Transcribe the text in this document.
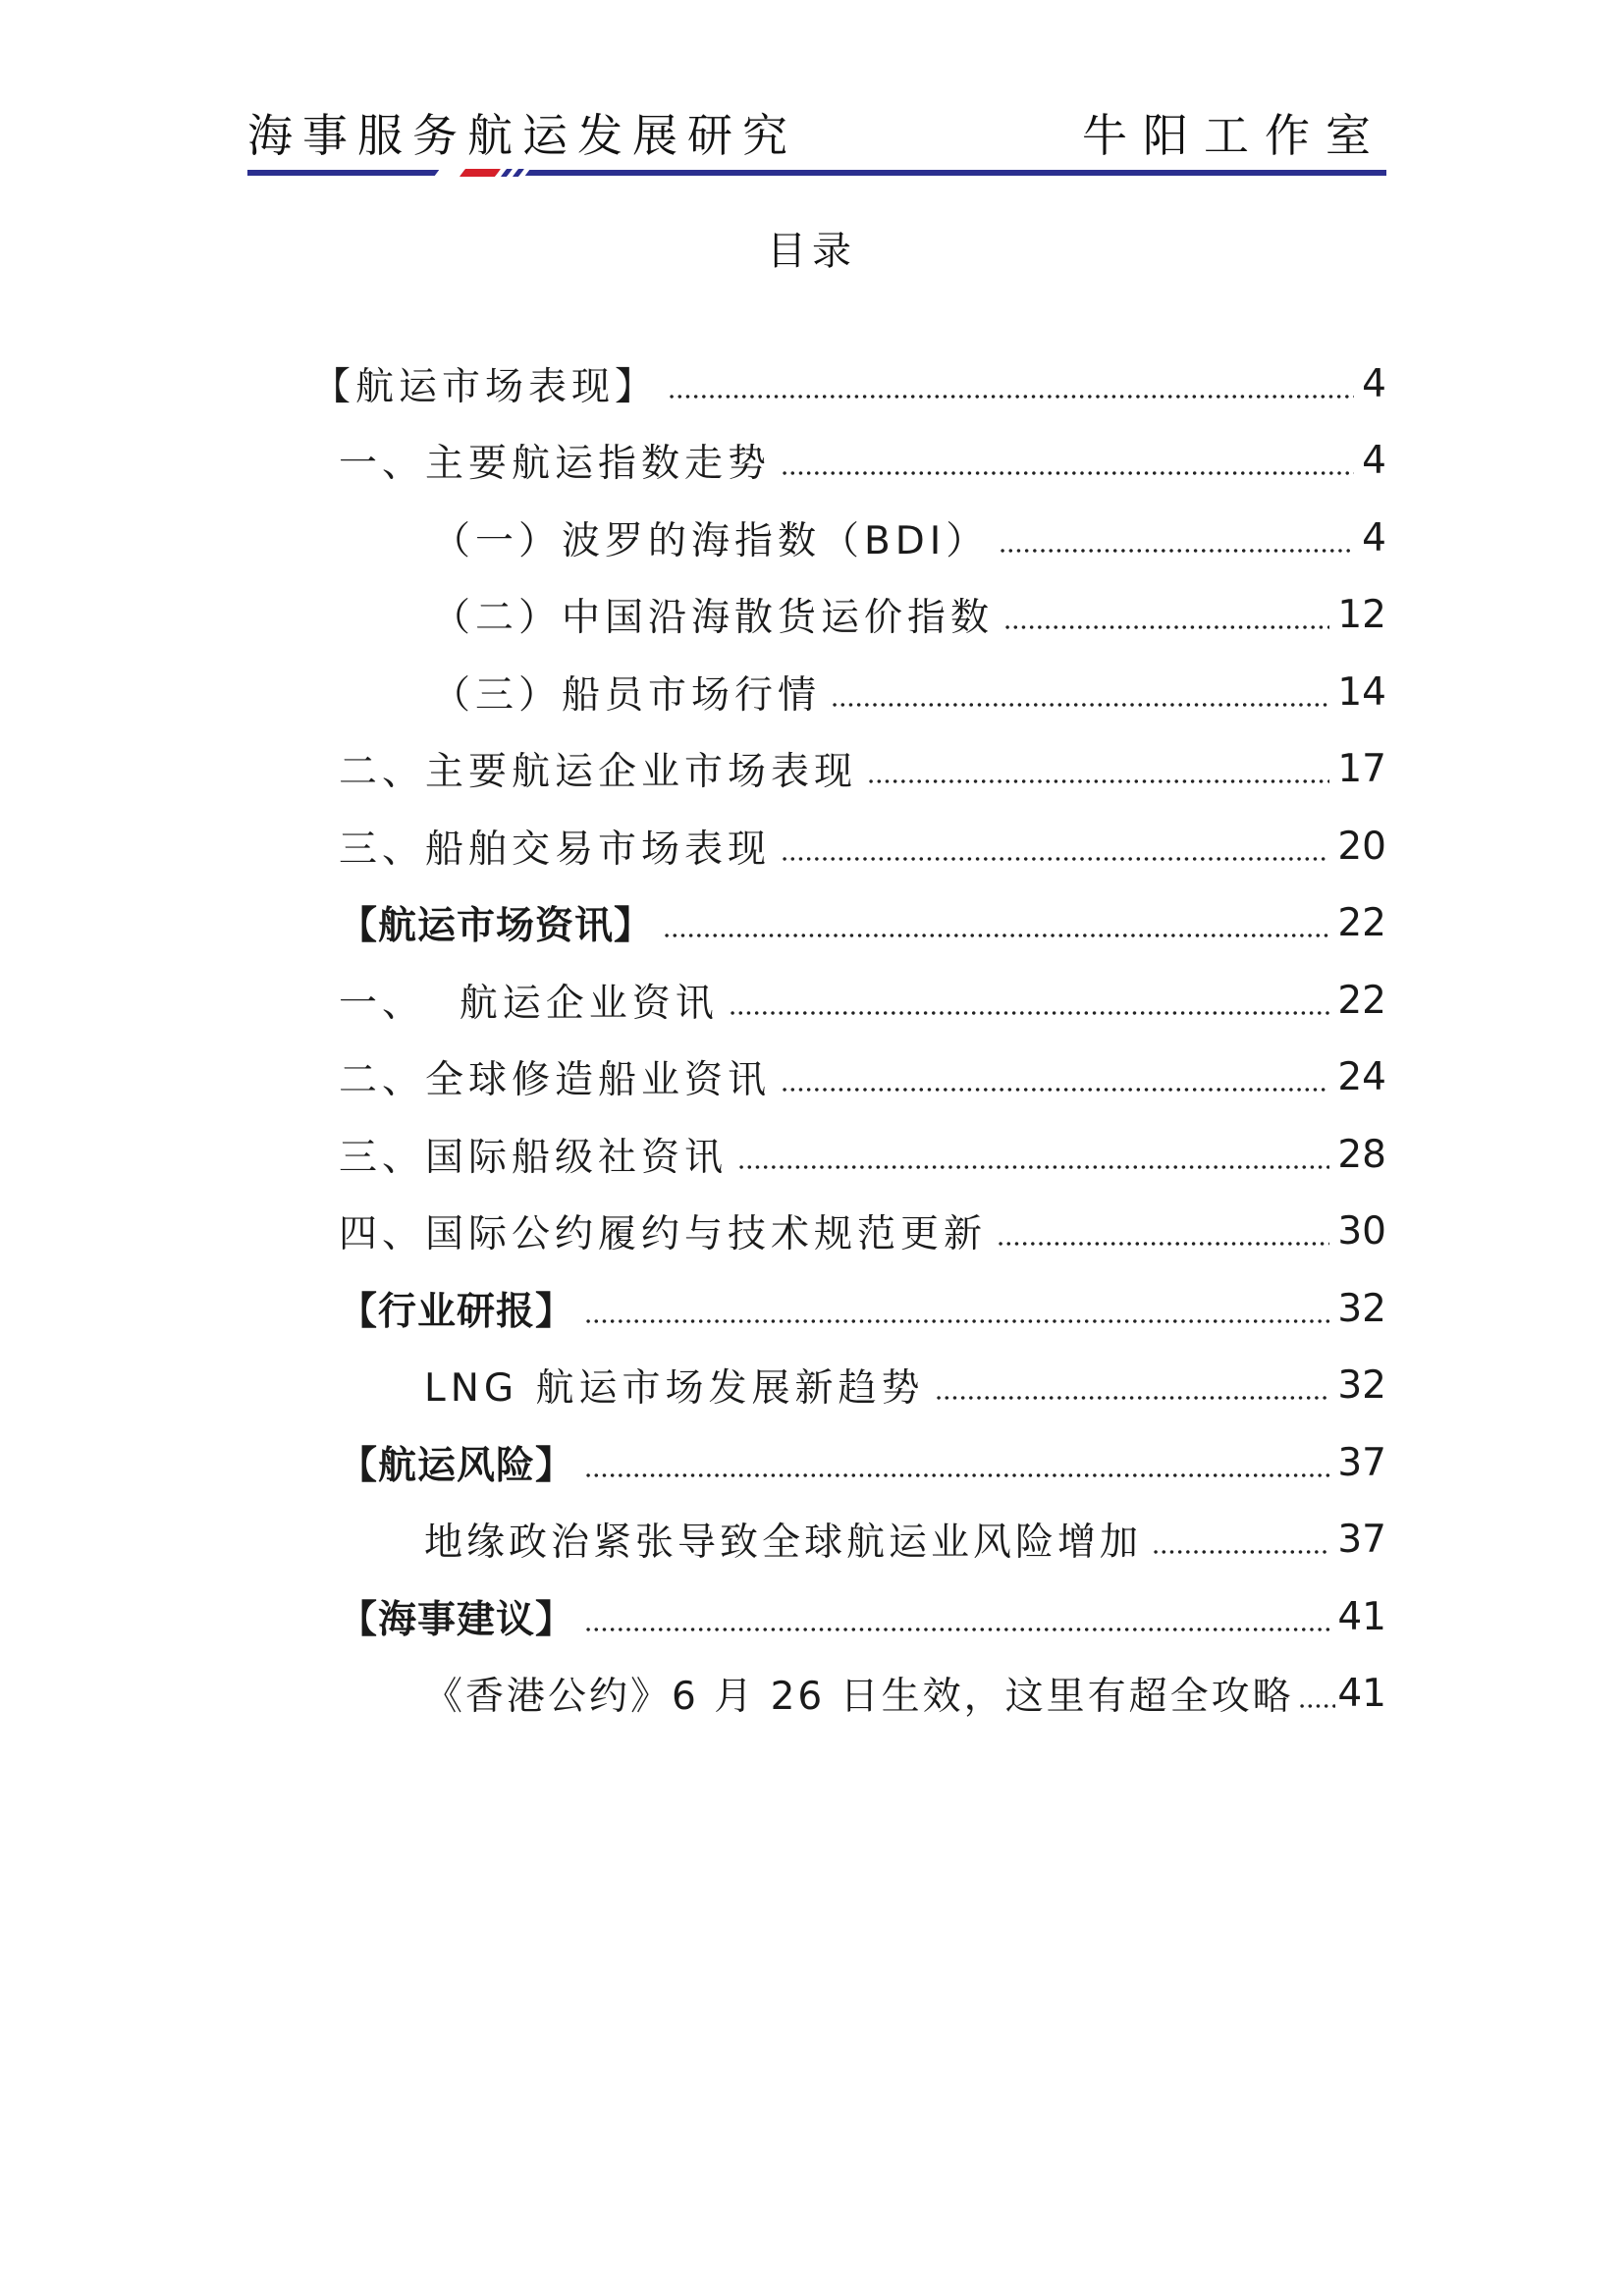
海事服务航运发展研究	牛阳工作室
目录
【航运市场表现】	4
一、主要航运指数走势	4
（一）波罗的海指数（BDI）	4
（二）中国沿海散货运价指数	12
（三）船员市场行情	14
二、主要航运企业市场表现	17
三、船舶交易市场表现	20
【航运市场资讯】	22
一、  航运企业资讯	22
二、全球修造船业资讯	24
三、国际船级社资讯	28
四、国际公约履约与技术规范更新	30
【行业研报】	32
LNG 航运市场发展新趋势	32
【航运风险】	37
地缘政治紧张导致全球航运业风险增加	37
【海事建议】	41
《香港公约》6 月 26 日生效，这里有超全攻略 41
